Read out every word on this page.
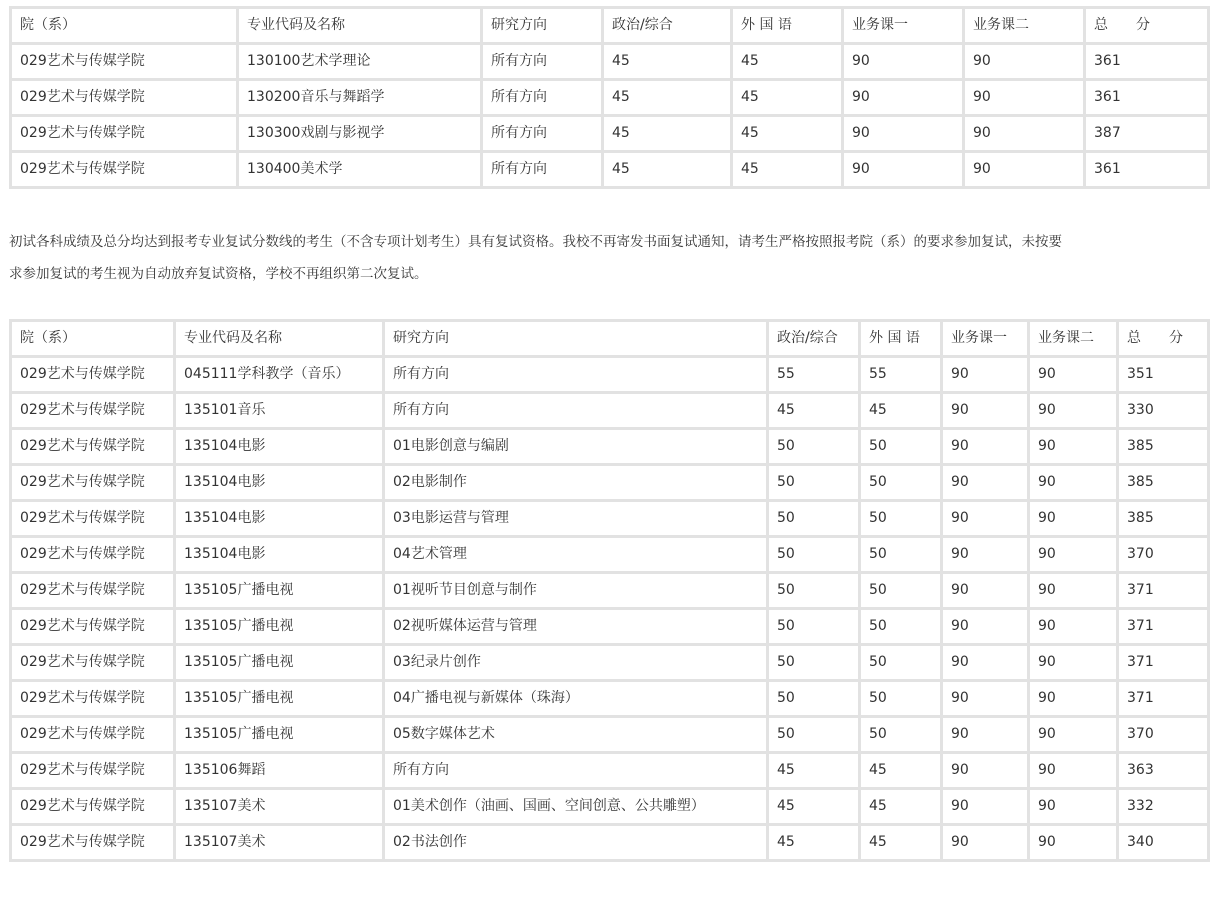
院（系）	专业代码及名称	研究方向	政治/综合	外 国 语	业务课一	业务课二	总　　分
029艺术与传媒学院	130100艺术学理论	所有方向	45	45	90	90	361
029艺术与传媒学院	130200音乐与舞蹈学	所有方向	45	45	90	90	361
029艺术与传媒学院	130300戏剧与影视学	所有方向	45	45	90	90	387
029艺术与传媒学院	130400美术学	所有方向	45	45	90	90	361
初试各科成绩及总分均达到报考专业复试分数线的考生（不含专项计划考生）具有复试资格。我校不再寄发书面复试通知，请考生严格按照报考院（系）的要求参加复试，未按要
求参加复试的考生视为自动放弃复试资格，学校不再组织第二次复试。
院（系）	专业代码及名称	研究方向	政治/综合	外 国 语	业务课一	业务课二	总　　分
029艺术与传媒学院	045111学科教学（音乐）	所有方向	55	55	90	90	351
029艺术与传媒学院	135101音乐	所有方向	45	45	90	90	330
029艺术与传媒学院	135104电影	01电影创意与编剧	50	50	90	90	385
029艺术与传媒学院	135104电影	02电影制作	50	50	90	90	385
029艺术与传媒学院	135104电影	03电影运营与管理	50	50	90	90	385
029艺术与传媒学院	135104电影	04艺术管理	50	50	90	90	370
029艺术与传媒学院	135105广播电视	01视听节目创意与制作	50	50	90	90	371
029艺术与传媒学院	135105广播电视	02视听媒体运营与管理	50	50	90	90	371
029艺术与传媒学院	135105广播电视	03纪录片创作	50	50	90	90	371
029艺术与传媒学院	135105广播电视	04广播电视与新媒体（珠海）	50	50	90	90	371
029艺术与传媒学院	135105广播电视	05数字媒体艺术	50	50	90	90	370
029艺术与传媒学院	135106舞蹈	所有方向	45	45	90	90	363
029艺术与传媒学院	135107美术	01美术创作（油画、国画、空间创意、公共雕塑）	45	45	90	90	332
029艺术与传媒学院	135107美术	02书法创作	45	45	90	90	340
